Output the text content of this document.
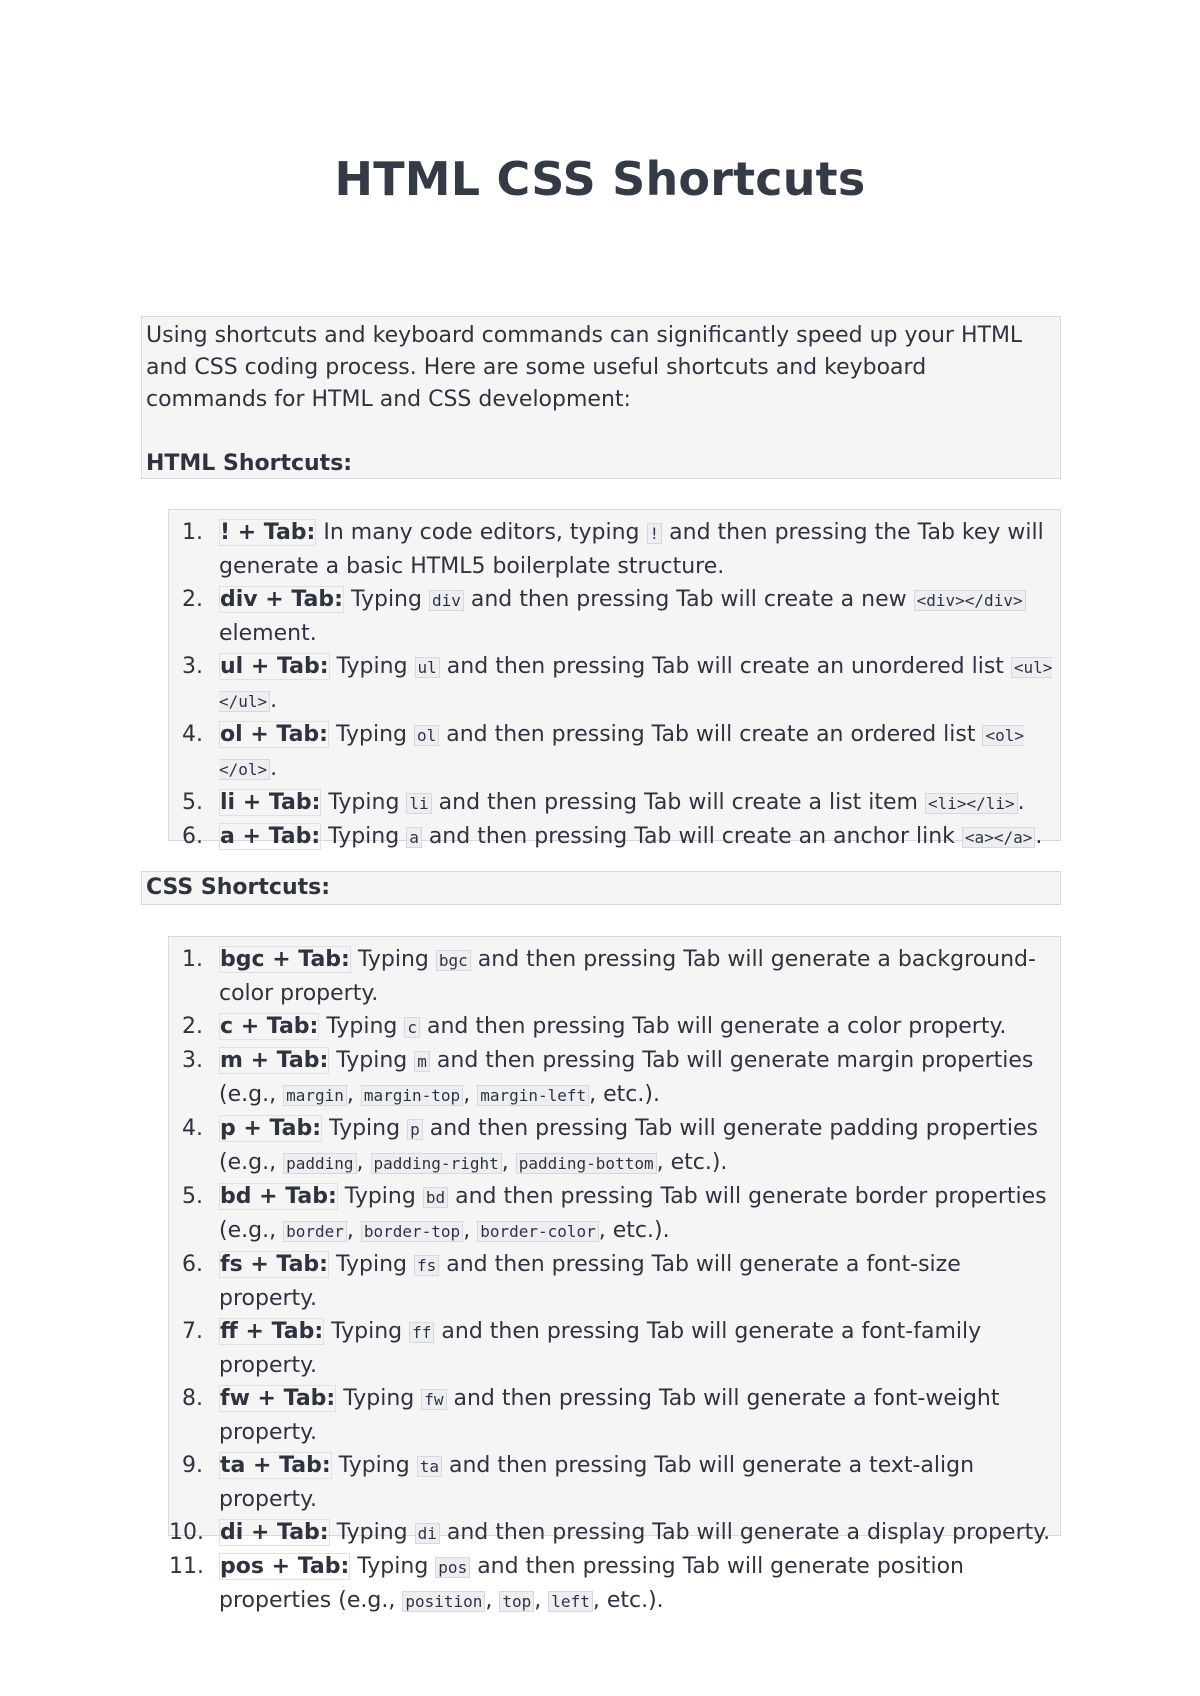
HTML CSS Shortcuts

Using shortcuts and keyboard commands can significantly speed up your HTML and CSS coding process. Here are some useful shortcuts and keyboard commands for HTML and CSS development:

HTML Shortcuts:

1. ! + Tab: In many code editors, typing ! and then pressing the Tab key will generate a basic HTML5 boilerplate structure.
2. div + Tab: Typing div and then pressing Tab will create a new <div></div> element.
3. ul + Tab: Typing ul and then pressing Tab will create an unordered list <ul></ul> .
4. ol + Tab: Typing ol and then pressing Tab will create an ordered list <ol></ol> .
5. li + Tab: Typing li and then pressing Tab will create a list item <li></li> .
6. a + Tab: Typing a and then pressing Tab will create an anchor link <a></a> .

CSS Shortcuts:

1. bgc + Tab: Typing bgc and then pressing Tab will generate a background-color property.
2. c + Tab: Typing c and then pressing Tab will generate a color property.
3. m + Tab: Typing m and then pressing Tab will generate margin properties (e.g., margin , margin-top , margin-left , etc.).
4. p + Tab: Typing p and then pressing Tab will generate padding properties (e.g., padding , padding-right , padding-bottom , etc.).
5. bd + Tab: Typing bd and then pressing Tab will generate border properties (e.g., border , border-top , border-color , etc.).
6. fs + Tab: Typing fs and then pressing Tab will generate a font-size property.
7. ff + Tab: Typing ff and then pressing Tab will generate a font-family property.
8. fw + Tab: Typing fw and then pressing Tab will generate a font-weight property.
9. ta + Tab: Typing ta and then pressing Tab will generate a text-align property.
10. di + Tab: Typing di and then pressing Tab will generate a display property.
11. pos + Tab: Typing pos and then pressing Tab will generate position properties (e.g., position , top , left , etc.).
